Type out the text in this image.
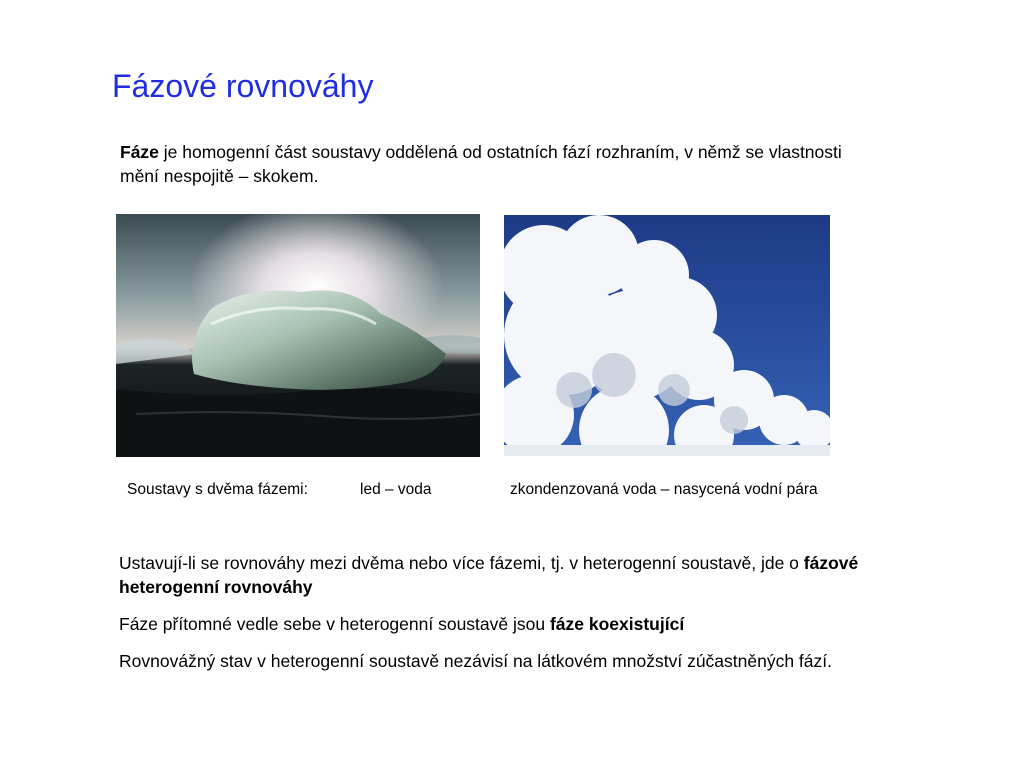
Fázové rovnováhy
Fáze je homogenní část soustavy oddělená od ostatních fází rozhraním, v němž se vlastnosti mění nespojitě – skokem.
Soustavy s dvěma fázemi:	led – voda	zkondenzovaná voda – nasycená vodní pára
Ustavují-li se rovnováhy mezi dvěma nebo více fázemi, tj. v heterogenní soustavě, jde o fázové heterogenní rovnováhy
Fáze přítomné vedle sebe v heterogenní soustavě jsou fáze koexistující
Rovnovážný stav v heterogenní soustavě nezávisí na látkovém množství zúčastněných fází.
